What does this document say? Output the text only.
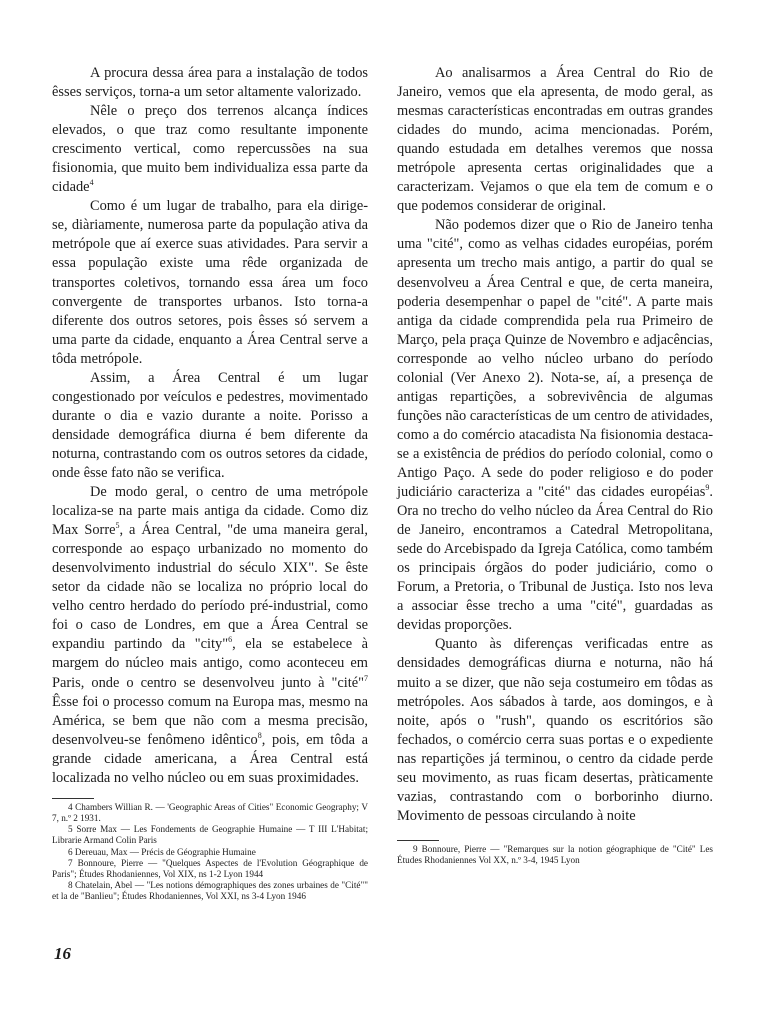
A procura dessa área para a instalação de todos êsses serviços, torna-a um setor altamente valorizado.

Nêle o preço dos terrenos alcança índices elevados, o que traz como resultante imponente crescimento vertical, como repercussões na sua fisionomia, que muito bem individualiza essa parte da cidade$^4$

Como é um lugar de trabalho, para ela dirige-se, diàriamente, numerosa parte da população ativa da metrópole que aí exerce suas atividades. Para servir a essa população existe uma rêde organizada de transportes coletivos, tornando essa área um foco convergente de transportes urbanos. Isto torna-a diferente dos outros setores, pois êsses só servem a uma parte da cidade, enquanto a Área Central serve a tôda metrópole.

Assim, a Área Central é um lugar congestionado por veículos e pedestres, movimentado durante o dia e vazio durante a noite. Porisso a densidade demográfica diurna é bem diferente da noturna, contrastando com os outros setores da cidade, onde êsse fato não se verifica.

De modo geral, o centro de uma metrópole localiza-se na parte mais antiga da cidade. Como diz Max Sorre$^5$, a Área Central, "de uma maneira geral, corresponde ao espaço urbanizado no momento do desenvolvimento industrial do século XIX". Se êste setor da cidade não se localiza no próprio local do velho centro herdado do período pré-industrial, como foi o caso de Londres, em que a Área Central se expandiu partindo da "city"$^6$, ela se estabelece à margem do núcleo mais antigo, como aconteceu em Paris, onde o centro se desenvolveu junto à "cité"$^7$ Êsse foi o processo comum na Europa mas, mesmo na América, se bem que não com a mesma precisão, desenvolveu-se fenômeno idêntico$^8$, pois, em tôda a grande cidade americana, a Área Central está localizada no velho núcleo ou em suas proximidades.

4 Chambers Willian R. — 'Geographic Areas of Cities" Economic Geography; V 7, n.º 2 1931.
5 Sorre Max — Les Fondements de Geographie Humaine — T III L'Habitat; Librarie Armand Colin Paris
6 Dereuau, Max — Précis de Géographie Humaine
7 Bonnoure, Pierre — "Quelques Aspectes de l'Evolution Géographique de Paris"; Études Rhodaniennes, Vol XIX, ns 1-2 Lyon 1944
8 Chatelain, Abel — "Les notions démographiques des zones urbaines de "Cité"" et la de "Banlieu"; Études Rhodaniennes, Vol XXI, ns 3-4 Lyon 1946

Ao analisarmos a Área Central do Rio de Janeiro, vemos que ela apresenta, de modo geral, as mesmas características encontradas em outras grandes cidades do mundo, acima mencionadas. Porém, quando estudada em detalhes veremos que nossa metrópole apresenta certas originalidades que a caracterizam. Vejamos o que ela tem de comum e o que podemos considerar de original.

Não podemos dizer que o Rio de Janeiro tenha uma "cité", como as velhas cidades européias, porém apresenta um trecho mais antigo, a partir do qual se desenvolveu a Área Central e que, de certa maneira, poderia desempenhar o papel de "cité". A parte mais antiga da cidade comprendida pela rua Primeiro de Março, pela praça Quinze de Novembro e adjacências, corresponde ao velho núcleo urbano do período colonial (Ver Anexo 2). Nota-se, aí, a presença de antigas repartições, a sobrevivência de algumas funções não características de um centro de atividades, como a do comércio atacadista Na fisionomia destaca-se a existência de prédios do período colonial, como o Antigo Paço. A sede do poder religioso e do poder judiciário caracteriza a "cité" das cidades européias$^9$. Ora no trecho do velho núcleo da Área Central do Rio de Janeiro, encontramos a Catedral Metropolitana, sede do Arcebispado da Igreja Católica, como também os principais órgãos do poder judiciário, como o Forum, a Pretoria, o Tribunal de Justiça. Isto nos leva a associar êsse trecho a uma "cité", guardadas as devidas proporções.

Quanto às diferenças verificadas entre as densidades demográficas diurna e noturna, não há muito a se dizer, que não seja costumeiro em tôdas as metrópoles. Aos sábados à tarde, aos domingos, e à noite, após o "rush", quando os escritórios são fechados, o comércio cerra suas portas e o expediente nas repartições já terminou, o centro da cidade perde seu movimento, as ruas ficam desertas, pràticamente vazias, contrastando com o borborinho diurno. Movimento de pessoas circulando à noite

9 Bonnoure, Pierre — "Remarques sur la notion géographique de "Cité" Les Études Rhodaniennes Vol XX, n.º 3-4, 1945 Lyon
16
